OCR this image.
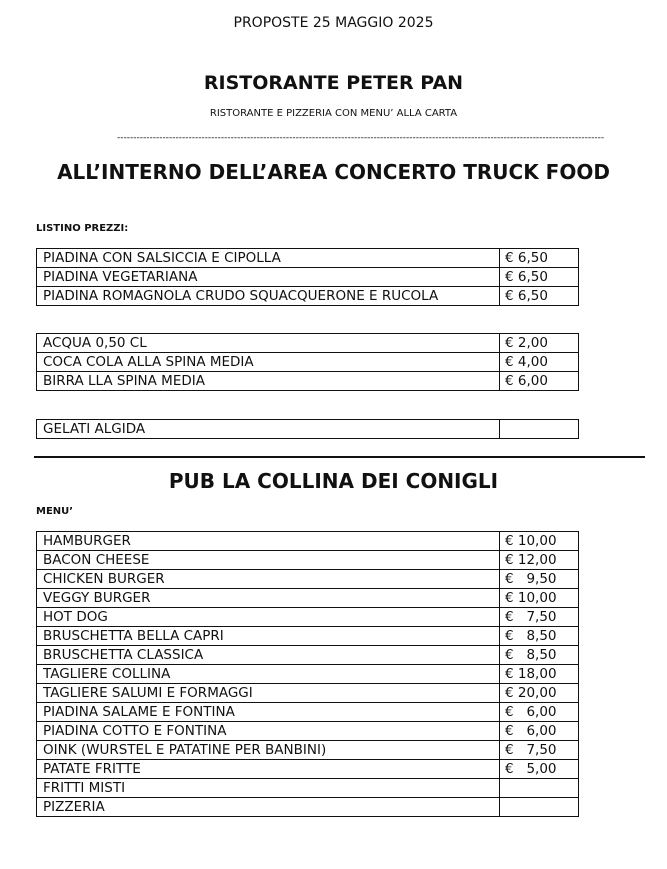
PROPOSTE 25 MAGGIO 2025
RISTORANTE PETER PAN
RISTORANTE E PIZZERIA CON MENU’ ALLA CARTA
------------------------------------------------------------------------------------------------------------------------------------------------------
ALL’INTERNO DELL’AREA CONCERTO TRUCK FOOD
LISTINO PREZZI:
PIADINA CON SALSICCIA E CIPOLLA	€ 6,50
PIADINA VEGETARIANA	€ 6,50
PIADINA ROMAGNOLA CRUDO SQUACQUERONE E RUCOLA	€ 6,50
ACQUA 0,50 CL	€ 2,00
COCA COLA ALLA SPINA MEDIA	€ 4,00
BIRRA LLA SPINA MEDIA	€ 6,00
GELATI ALGIDA	
PUB LA COLLINA DEI CONIGLI
MENU’
HAMBURGER	€ 10,00
BACON CHEESE	€ 12,00
CHICKEN BURGER	€   9,50
VEGGY BURGER	€ 10,00
HOT DOG	€   7,50
BRUSCHETTA BELLA CAPRI	€   8,50
BRUSCHETTA CLASSICA	€   8,50
TAGLIERE COLLINA	€ 18,00
TAGLIERE SALUMI E FORMAGGI	€ 20,00
PIADINA SALAME E FONTINA	€   6,00
PIADINA COTTO E FONTINA	€   6,00
OINK (WURSTEL E PATATINE PER BANBINI)	€   7,50
PATATE FRITTE	€   5,00
FRITTI MISTI	
PIZZERIA	
